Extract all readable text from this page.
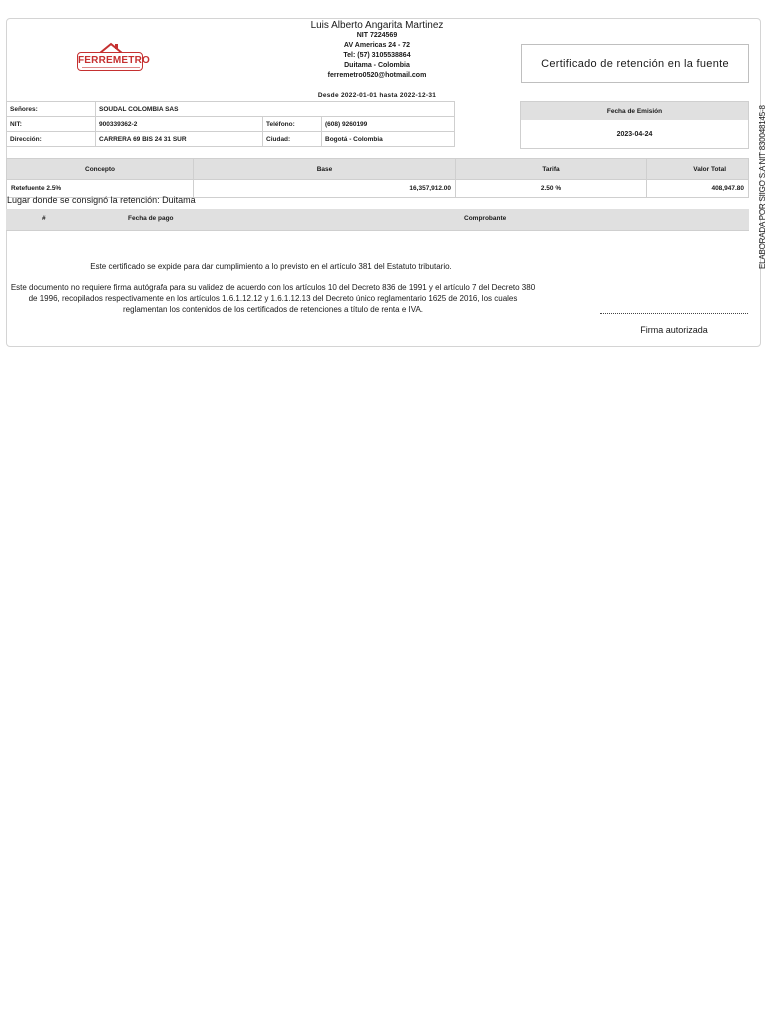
FERREMETRO
Luis Alberto Angarita Martinez
NIT 7224569
AV Americas 24 - 72
Tel: (57) 3105538864
Duitama - Colombia
ferremetro0520@hotmail.com
Certificado de retención en la fuente
Desde 2022-01-01 hasta 2022-12-31
Señores:	SOUDAL COLOMBIA SAS		
NIT:	900339362-2	Teléfono:	(608) 9260199
Dirección:	CARRERA 69 BIS 24 31 SUR	Ciudad:	Bogotá - Colombia
Fecha de Emisión
2023-04-24
Concepto	Base	Tarifa	Valor Total
Retefuente 2.5%	16,357,912.00	2.50 %	408,947.80
Lugar donde se consignó la retención: Duitama
#	Fecha de pago	Comprobante
Este certificado se expide para dar cumplimiento a lo previsto en el artículo 381 del Estatuto tributario.
Este documento no requiere firma autógrafa para su validez de acuerdo con los artículos 10 del Decreto 836 de 1991 y el artículo 7 del Decreto 380 de 1996, recopilados respectivamente en los artículos 1.6.1.12.12 y 1.6.1.12.13 del Decreto único reglamentario 1625 de 2016, los cuales reglamentan los contenidos de los certificados de retenciones a título de renta e IVA.
Firma autorizada
ELABORADA POR SIIGO S.A NIT 830048145-8
